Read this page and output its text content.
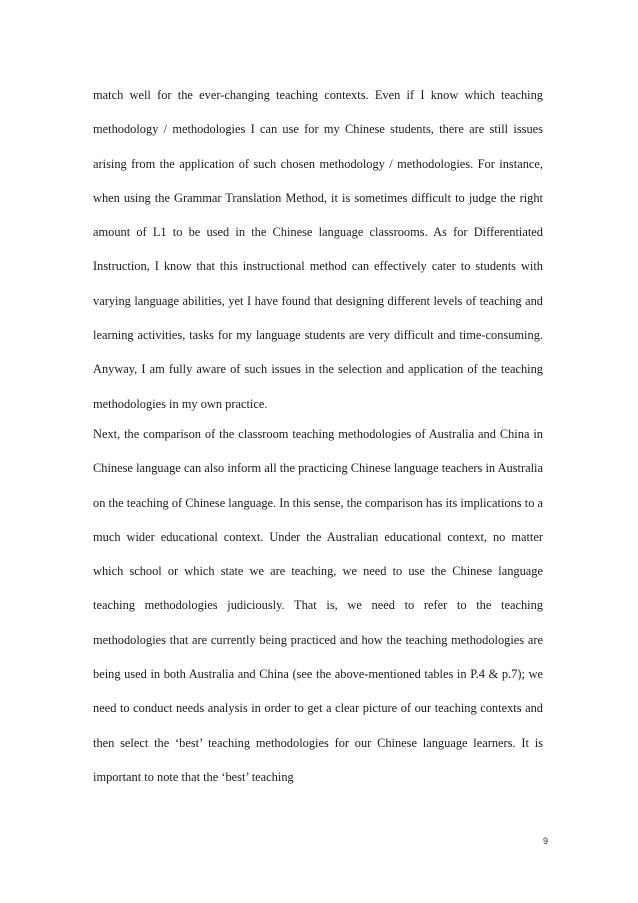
match well for the ever-changing teaching contexts. Even if I know which teaching methodology / methodologies I can use for my Chinese students, there are still issues arising from the application of such chosen methodology / methodologies. For instance, when using the Grammar Translation Method, it is sometimes difficult to judge the right amount of L1 to be used in the Chinese language classrooms. As for Differentiated Instruction, I know that this instructional method can effectively cater to students with varying language abilities, yet I have found that designing different levels of teaching and learning activities, tasks for my language students are very difficult and time-consuming. Anyway, I am fully aware of such issues in the selection and application of the teaching methodologies in my own practice.

Next, the comparison of the classroom teaching methodologies of Australia and China in Chinese language can also inform all the practicing Chinese language teachers in Australia on the teaching of Chinese language. In this sense, the comparison has its implications to a much wider educational context. Under the Australian educational context, no matter which school or which state we are teaching, we need to use the Chinese language teaching methodologies judiciously. That is, we need to refer to the teaching methodologies that are currently being practiced and how the teaching methodologies are being used in both Australia and China (see the above-mentioned tables in P.4 & p.7); we need to conduct needs analysis in order to get a clear picture of our teaching contexts and then select the ‘best’ teaching methodologies for our Chinese language learners. It is important to note that the ‘best’ teaching

9
